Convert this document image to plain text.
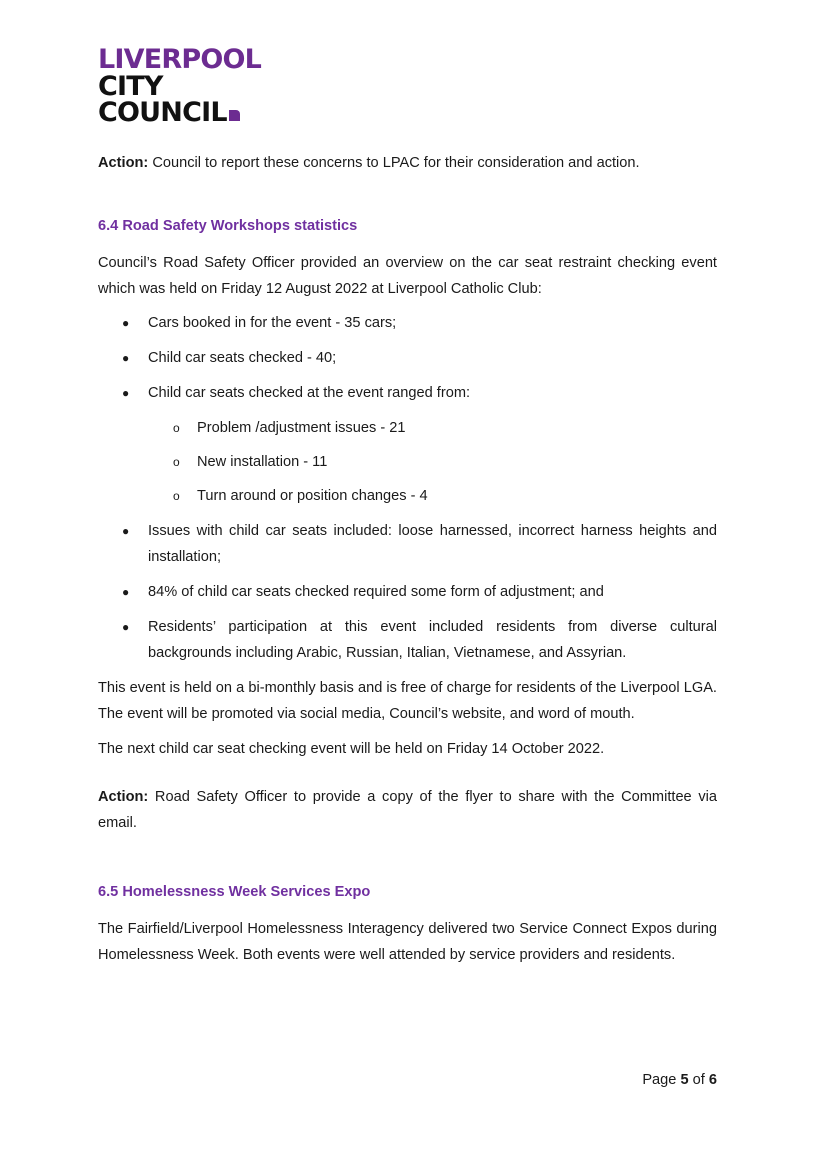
LIVERPOOL
CITY
COUNCIL

Action: Council to report these concerns to LPAC for their consideration and action.

6.4 Road Safety Workshops statistics

Council’s Road Safety Officer provided an overview on the car seat restraint checking event which was held on Friday 12 August 2022 at Liverpool Catholic Club:

● Cars booked in for the event - 35 cars;
● Child car seats checked - 40;
● Child car seats checked at the event ranged from:
o Problem /adjustment issues - 21
o New installation - 11
o Turn around or position changes - 4
● Issues with child car seats included: loose harnessed, incorrect harness heights and installation;
● 84% of child car seats checked required some form of adjustment; and
● Residents’ participation at this event included residents from diverse cultural backgrounds including Arabic, Russian, Italian, Vietnamese, and Assyrian.

This event is held on a bi-monthly basis and is free of charge for residents of the Liverpool LGA. The event will be promoted via social media, Council’s website, and word of mouth.

The next child car seat checking event will be held on Friday 14 October 2022.

Action: Road Safety Officer to provide a copy of the flyer to share with the Committee via email.

6.5 Homelessness Week Services Expo

The Fairfield/Liverpool Homelessness Interagency delivered two Service Connect Expos during Homelessness Week. Both events were well attended by service providers and residents.

Page 5 of 6
